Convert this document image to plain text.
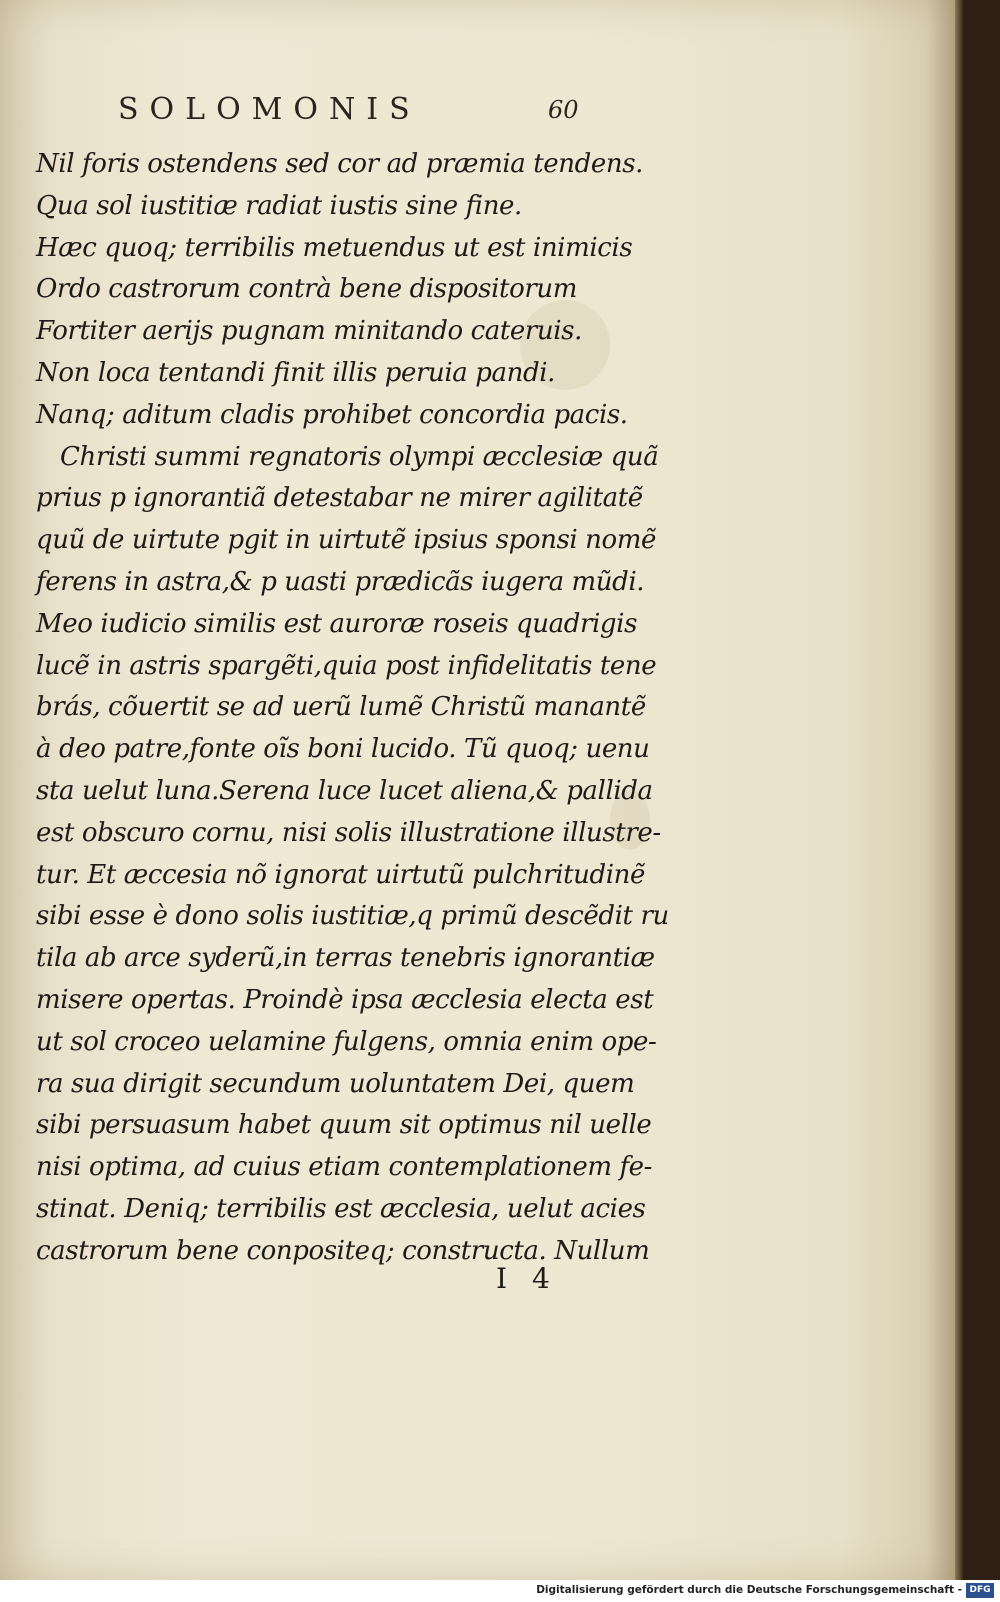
SOLOMONIS	60
Nil foris ostendens sed cor ad præmia tendens.
Qua sol iustitiæ radiat iustis sine fine.
Hæc quoq; terribilis metuendus ut est inimicis
Ordo castrorum contrà bene dispositorum
Fortiter aerijs pugnam minitando cateruis.
Non loca tentandi finit illis peruia pandi.
Nanq; aditum cladis prohibet concordia pacis.
Christi summi regnatoris olympi æcclesiæ quã
prius p ignorantiã detestabar ne mirer agilitatẽ
quũ de uirtute pgit in uirtutẽ ipsius sponsi nomẽ
ferens in astra,& p uasti prædicãs iugera mũdi.
Meo iudicio similis est auroræ roseis quadrigis
lucẽ in astris spargẽti,quia post infidelitatis tene
brás, cõuertit se ad uerũ lumẽ Christũ manantẽ
à deo patre,fonte oĩs boni lucido. Tũ quoq; uenu
sta uelut luna.Serena luce lucet aliena,& pallida
est obscuro cornu, nisi solis illustratione illustre-
tur. Et æccesia nõ ignorat uirtutũ pulchritudinẽ
sibi esse è dono solis iustitiæ,q primũ descẽdit ru
tila ab arce syderũ,in terras tenebris ignorantiæ
misere opertas. Proindè ipsa æcclesia electa est
ut sol croceo uelamine fulgens, omnia enim ope-
ra sua dirigit secundum uoluntatem Dei, quem
sibi persuasum habet quum sit optimus nil uelle
nisi optima, ad cuius etiam contemplationem fe-
stinat. Deniq; terribilis est æcclesia, uelut acies
castrorum bene conpositeq; constructa. Nullum
I 4
Digitalisierung gefördert durch die Deutsche Forschungsgemeinschaft - DFG
